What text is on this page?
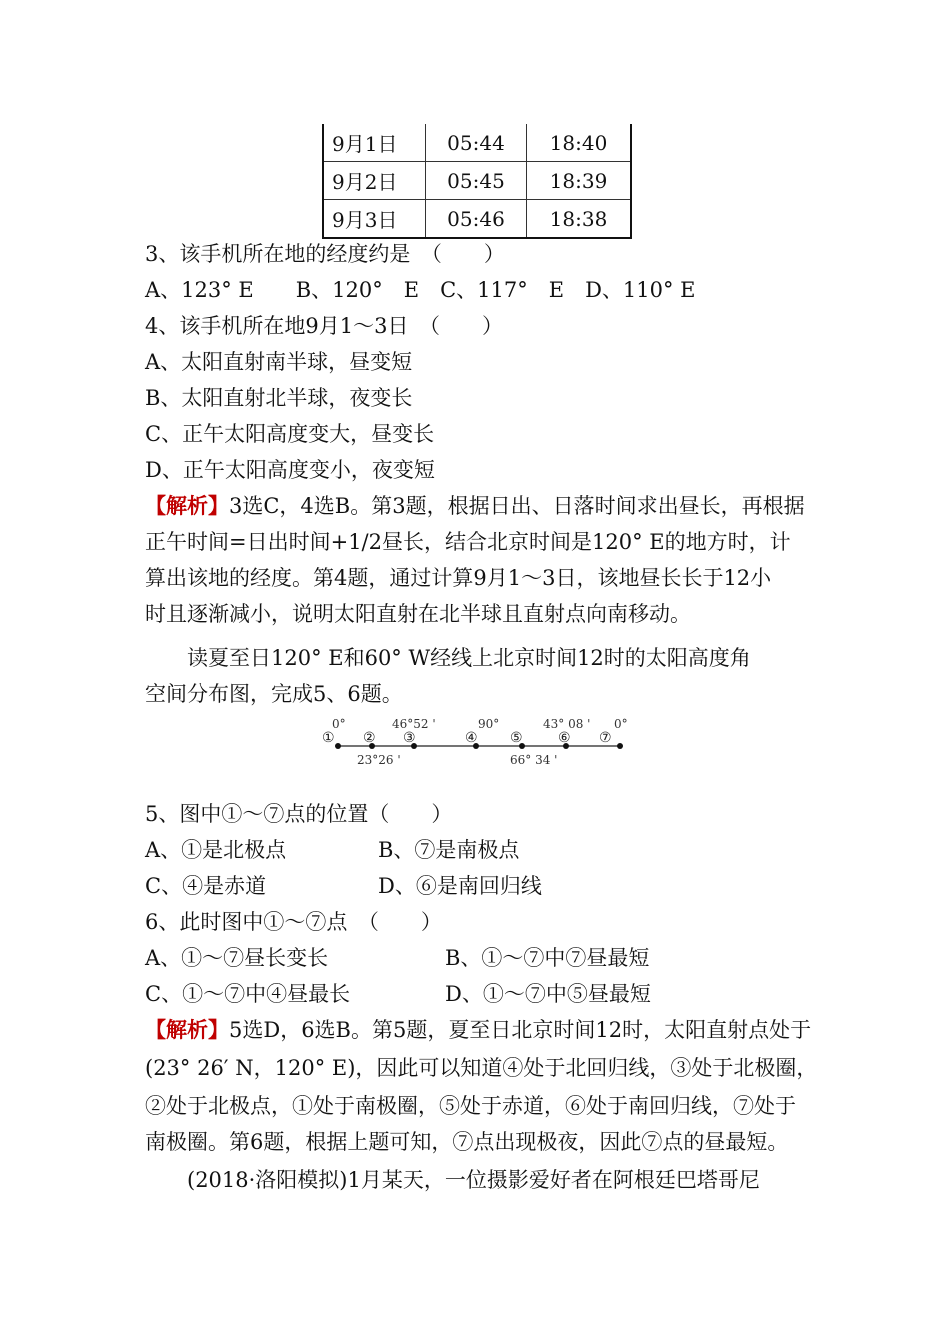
9月1日	05:44	18:40
9月2日	05:45	18:39
9月3日	05:46	18:38
3、该手机所在地的经度约是　（　　）
A、123° E　　B、120°　E　C、117°　E　D、110° E
4、该手机所在地9月1～3日　（　　）
A、太阳直射南半球，昼变短
B、太阳直射北半球，夜变长
C、正午太阳高度变大，昼变长
D、正午太阳高度变小，夜变短
【解析】3选C，4选B。第3题，根据日出、日落时间求出昼长，再根据
正午时间=日出时间+1/2昼长，结合北京时间是120° E的地方时，计
算出该地的经度。第4题，通过计算9月1～3日，该地昼长长于12小
时且逐渐减小，说明太阳直射在北半球且直射点向南移动。
读夏至日120° E和60° W经线上北京时间12时的太阳高度角
空间分布图，完成5、6题。
0°	46°52 '	90°	43° 08 ' 0°
① ② ③	④ ⑤	⑥ ⑦
23°26 '	66° 34 '
5、图中①～⑦点的位置（　　）
A、①是北极点	B、⑦是南极点
C、④是赤道	D、⑥是南回归线
6、此时图中①～⑦点　（　　）
A、①～⑦昼长变长	B、①～⑦中⑦昼最短
C、①～⑦中④昼最长	D、①～⑦中⑤昼最短
【解析】5选D，6选B。第5题，夏至日北京时间12时，太阳直射点处于
(23° 26′ N，120° E)，因此可以知道④处于北回归线，③处于北极圈，
②处于北极点，①处于南极圈，⑤处于赤道，⑥处于南回归线，⑦处于
南极圈。第6题，根据上题可知，⑦点出现极夜，因此⑦点的昼最短。
(2018·洛阳模拟)1月某天，一位摄影爱好者在阿根廷巴塔哥尼
